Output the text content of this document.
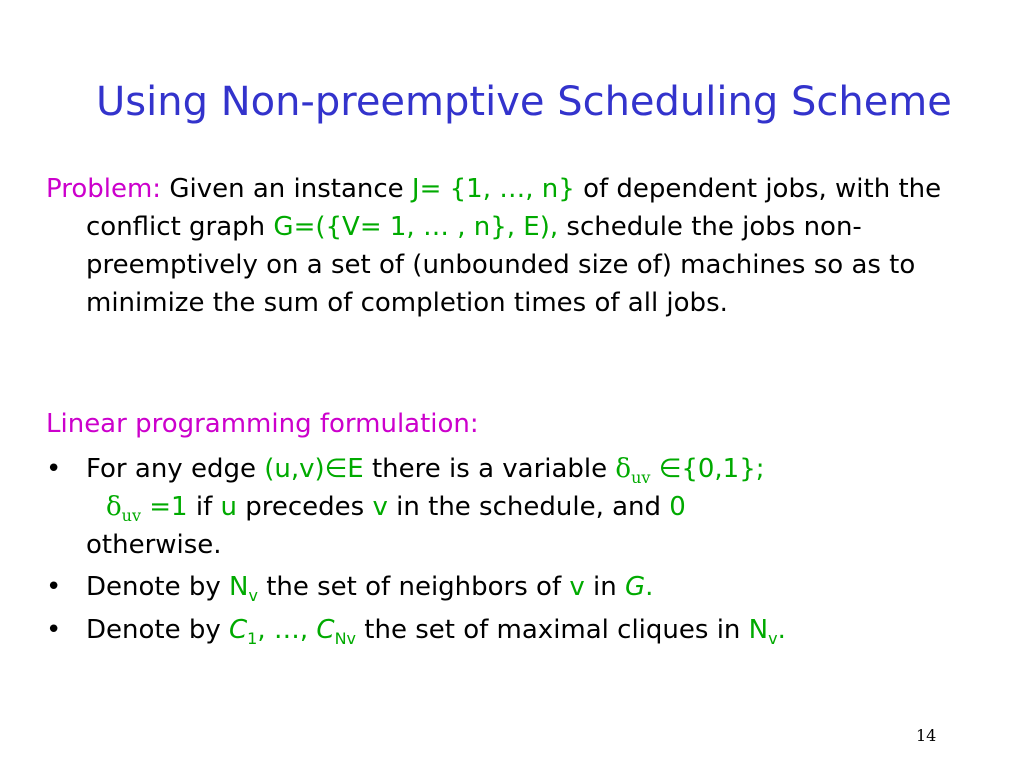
Using Non-preemptive Scheduling Scheme
Problem: Given an instance J= {1, …, n} of dependent jobs, with the conflict graph G=({V= 1, … , n}, E), schedule the jobs non-preemptively on a set of (unbounded size of) machines so as to minimize the sum of completion times of all jobs.
Linear programming formulation:
• For any edge (u,v)∈E there is a variable $\delta_{uv}$ ∈{0,1};
$\delta_{uv} =1$ if u precedes v in the schedule, and 0
otherwise.
• Denote by $N_v$ the set of neighbors of v in G.
• Denote by $C_1$, …, $C_{Nv}$ the set of maximal cliques in $N_v$.
14
